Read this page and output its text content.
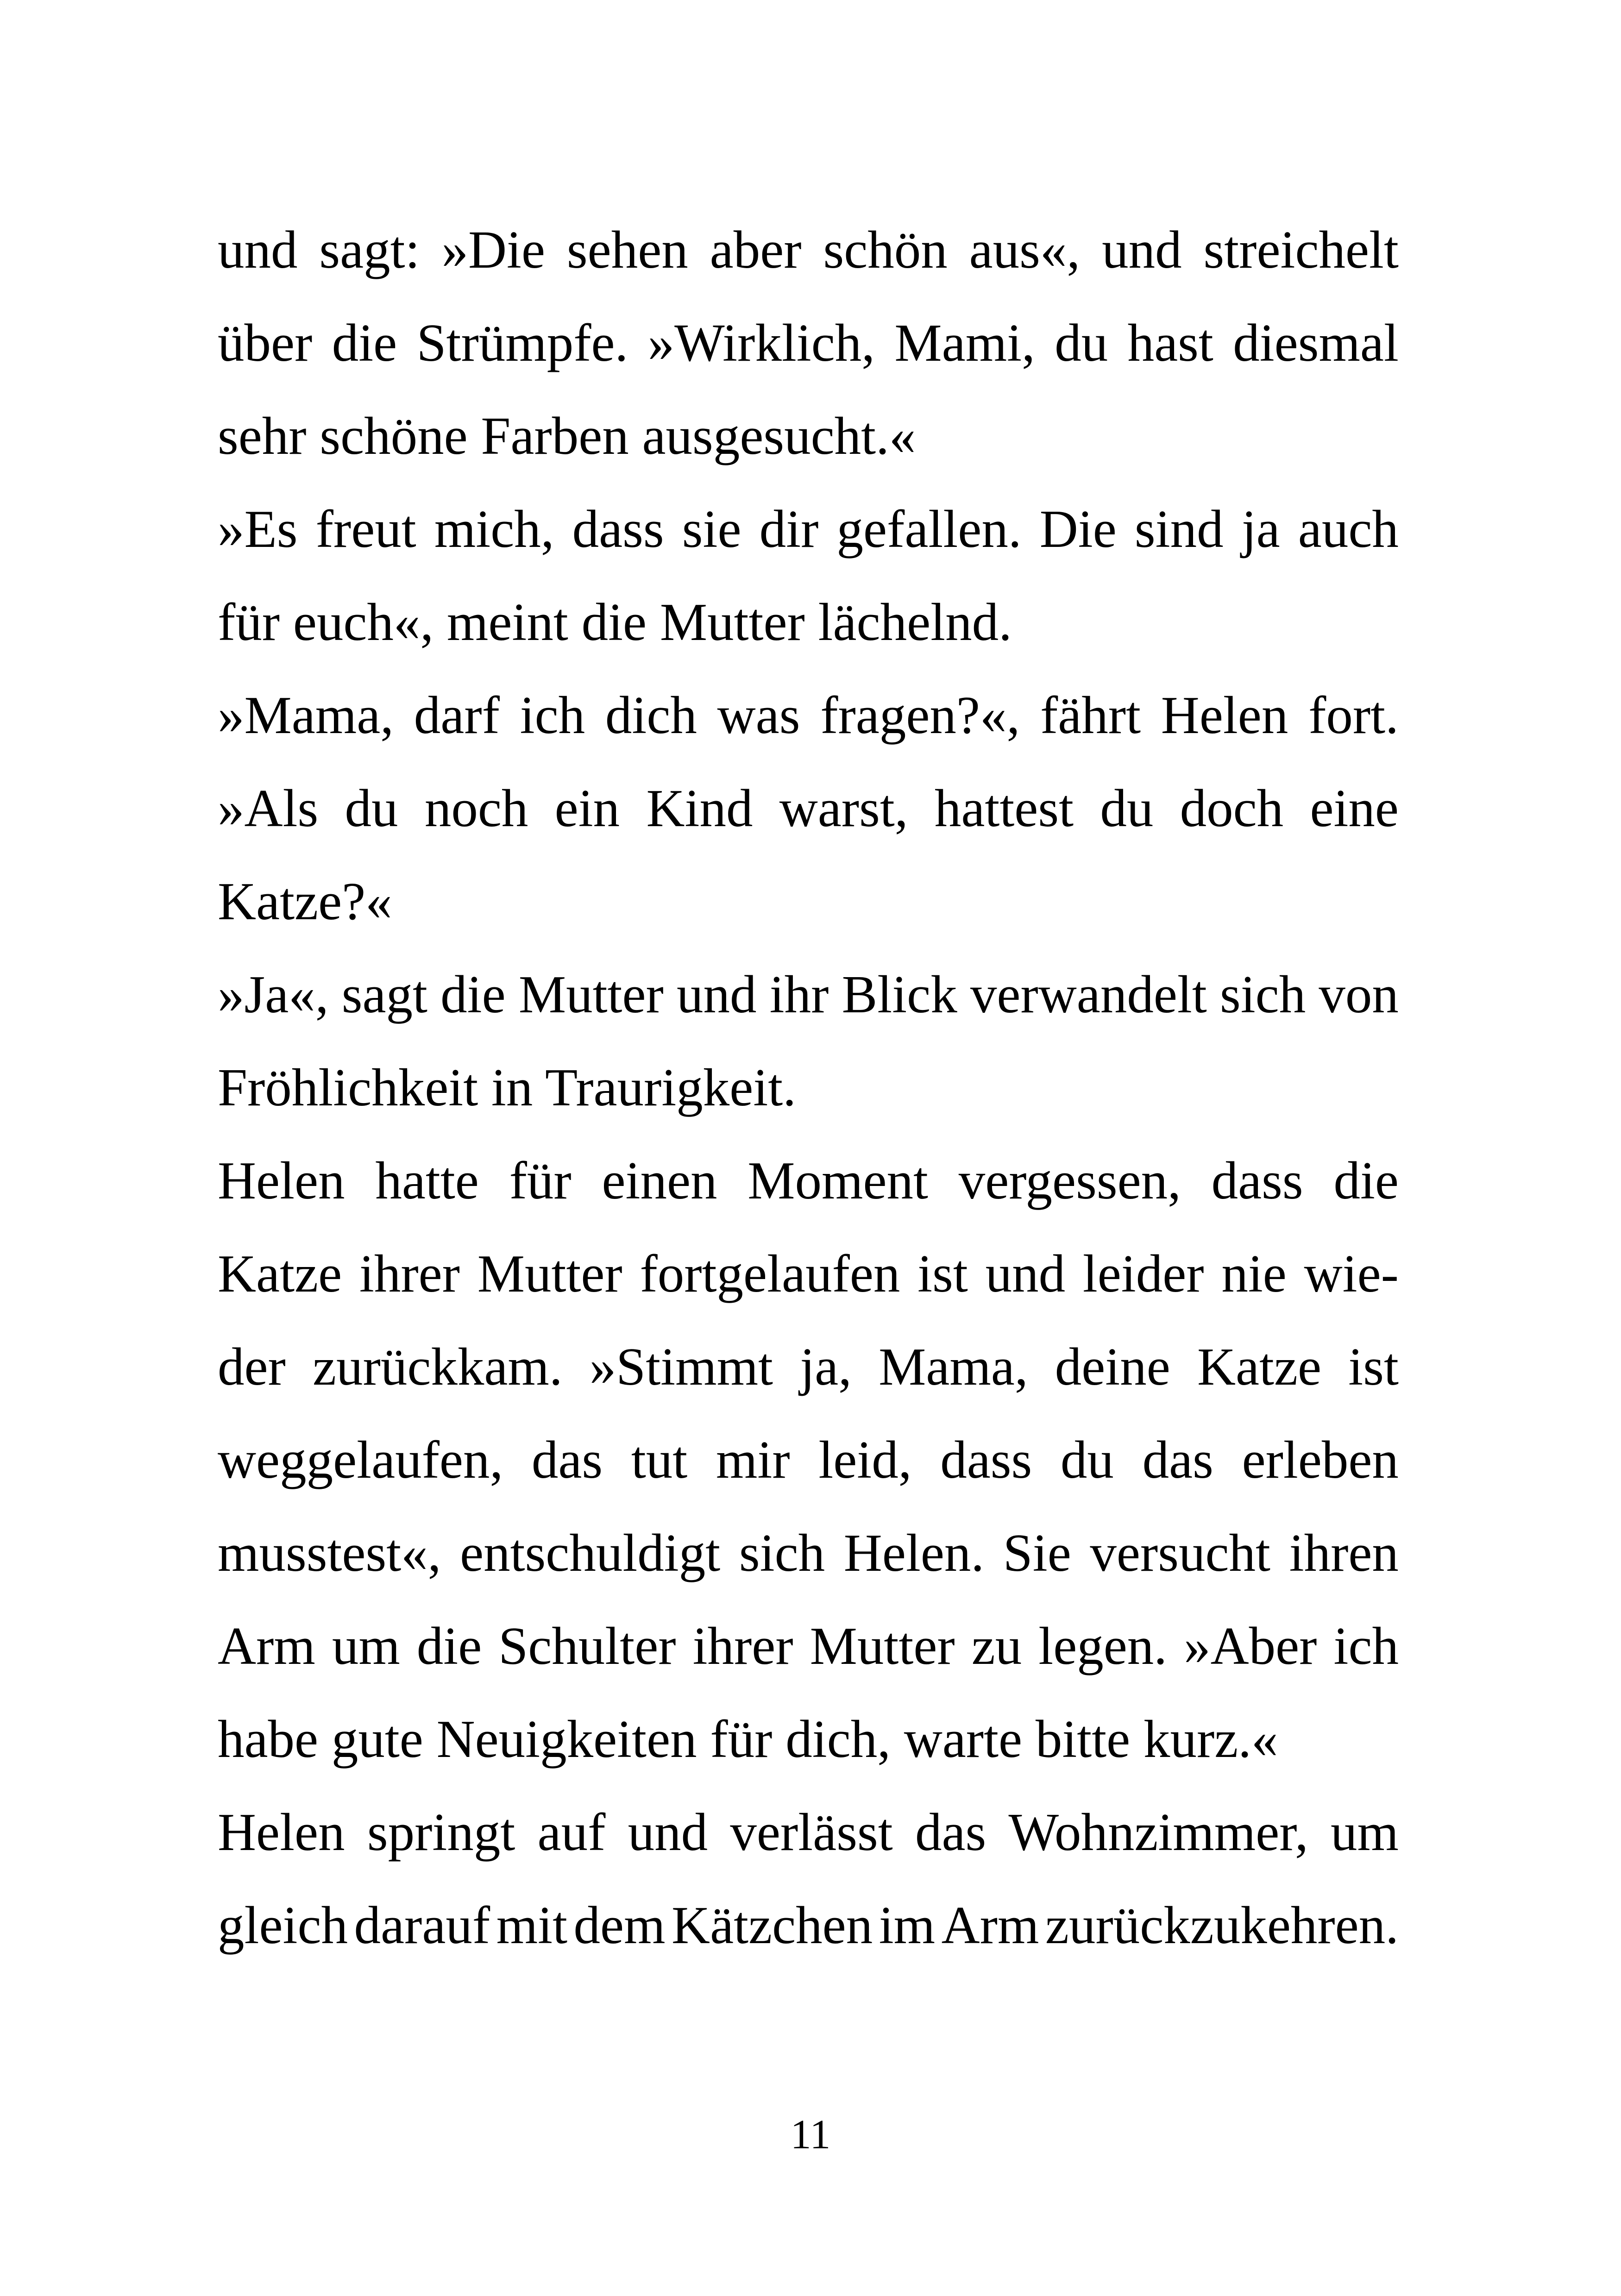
und sagt: »Die sehen aber schön aus«, und streichelt
über die Strümpfe. »Wirklich, Mami, du hast diesmal
sehr schöne Farben ausgesucht.«
»Es freut mich, dass sie dir gefallen. Die sind ja auch
für euch«, meint die Mutter lächelnd.
»Mama, darf ich dich was fragen?«, fährt Helen fort.
»Als du noch ein Kind warst, hattest du doch eine
Katze?«
»Ja«, sagt die Mutter und ihr Blick verwandelt sich von
Fröhlichkeit in Traurigkeit.
Helen hatte für einen Moment vergessen, dass die
Katze ihrer Mutter fortgelaufen ist und leider nie wie-
der zurückkam. »Stimmt ja, Mama, deine Katze ist
weggelaufen, das tut mir leid, dass du das erleben
musstest«, entschuldigt sich Helen. Sie versucht ihren
Arm um die Schulter ihrer Mutter zu legen. »Aber ich
habe gute Neuigkeiten für dich, warte bitte kurz.«
Helen springt auf und verlässt das Wohnzimmer, um
gleich darauf mit dem Kätzchen im Arm zurückzukehren.
11
